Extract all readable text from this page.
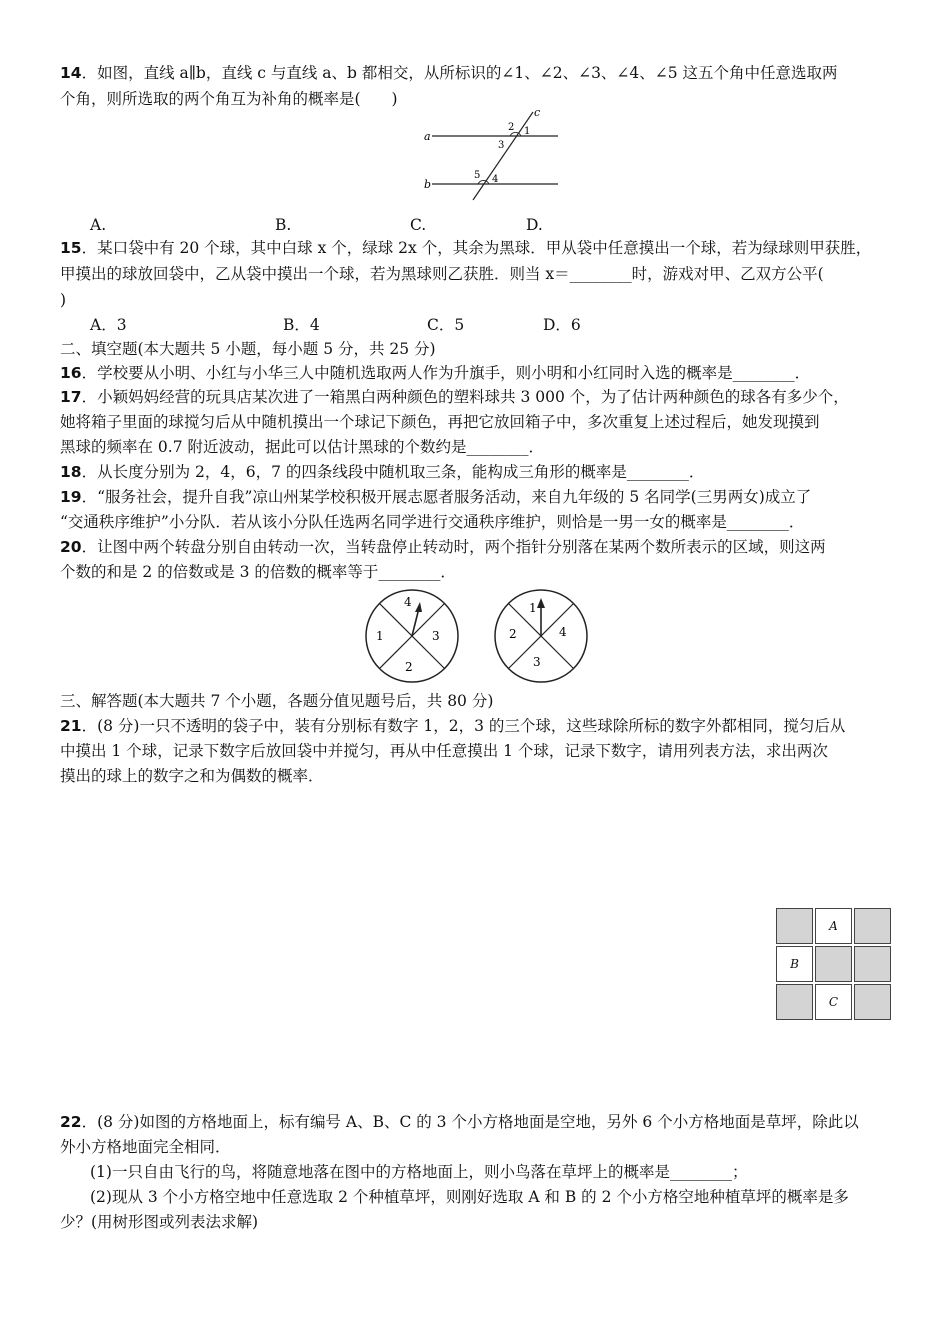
14．如图，直线 a∥b，直线 c 与直线 a、b 都相交，从所标识的∠1、∠2、∠3、∠4、∠5 这五个角中任意选取两
个角，则所选取的两个角互为补角的概率是(　　)
a
b
c
2 1
3
5 4
A.	B.	C.	D.
15．某口袋中有 20 个球，其中白球 x 个，绿球 2x 个，其余为黑球．甲从袋中任意摸出一个球，若为绿球则甲获胜，
甲摸出的球放回袋中，乙从袋中摸出一个球，若为黑球则乙获胜．则当 x＝________时，游戏对甲、乙双方公平(
)
A．3	B．4	C．5	D．6
二、填空题(本大题共 5 小题，每小题 5 分，共 25 分)
16．学校要从小明、小红与小华三人中随机选取两人作为升旗手，则小明和小红同时入选的概率是________．
17．小颖妈妈经营的玩具店某次进了一箱黑白两种颜色的塑料球共 3 000 个，为了估计两种颜色的球各有多少个，
她将箱子里面的球搅匀后从中随机摸出一个球记下颜色，再把它放回箱子中，多次重复上述过程后，她发现摸到
黑球的频率在 0.7 附近波动，据此可以估计黑球的个数约是________．
18．从长度分别为 2，4，6，7 的四条线段中随机取三条，能构成三角形的概率是________．
19．“服务社会，提升自我”凉山州某学校积极开展志愿者服务活动，来自九年级的 5 名同学(三男两女)成立了
“交通秩序维护”小分队．若从该小分队任选两名同学进行交通秩序维护，则恰是一男一女的概率是________．
20．让图中两个转盘分别自由转动一次，当转盘停止转动时，两个指针分别落在某两个数所表示的区域，则这两
个数的和是 2 的倍数或是 3 的倍数的概率等于________．
4
1	3
2
1
2	4
3
三、解答题(本大题共 7 个小题，各题分值见题号后，共 80 分)
21．(8 分)一只不透明的袋子中，装有分别标有数字 1，2，3 的三个球，这些球除所标的数字外都相同，搅匀后从
中摸出 1 个球，记录下数字后放回袋中并搅匀，再从中任意摸出 1 个球，记录下数字，请用列表方法，求出两次
摸出的球上的数字之和为偶数的概率．
A
B
C
22．(8 分)如图的方格地面上，标有编号 A、B、C 的 3 个小方格地面是空地，另外 6 个小方格地面是草坪，除此以
外小方格地面完全相同．
(1)一只自由飞行的鸟，将随意地落在图中的方格地面上，则小鸟落在草坪上的概率是________；
(2)现从 3 个小方格空地中任意选取 2 个种植草坪，则刚好选取 A 和 B 的 2 个小方格空地种植草坪的概率是多
少？(用树形图或列表法求解)
